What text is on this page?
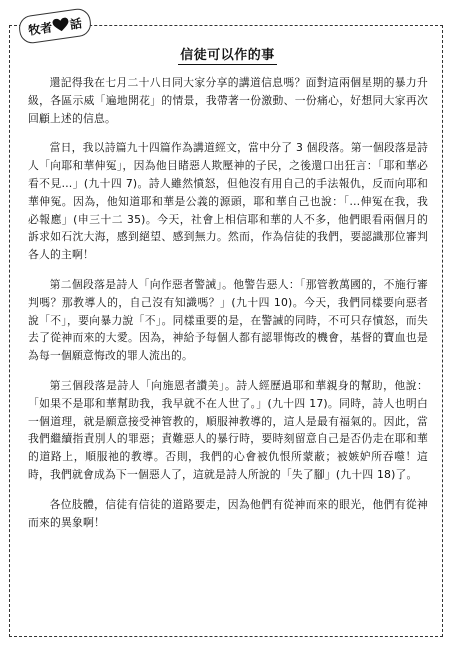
牧者 話
信徒可以作的事

還記得我在七月二十八日同大家分享的講道信息嗎？面對這兩個星期的暴力升級，各區示威「遍地開花」的情景，我帶著一份激動、一份痛心，好想同大家再次回顧上述的信息。

當日，我以詩篇九十四篇作為講道經文，當中分了 3 個段落。第一個段落是詩人「向耶和華伸冤」，因為他目睹惡人欺壓神的子民，之後還口出狂言：「耶和華必看不見…」(九十四 7)。詩人雖然憤怒，但他沒有用自己的手法報仇，反而向耶和華伸冤。因為，他知道耶和華是公義的源頭，耶和華自己也說：「…伸冤在我，我必報應」(申三十二 35)。今天，社會上相信耶和華的人不多，他們眼看兩個月的訴求如石沈大海，感到絕望、感到無力。然而，作為信徒的我們，要認識那位審判各人的主啊！

第二個段落是詩人「向作惡者警誡」。他警告惡人：「那管教萬國的，不施行審判嗎？那教導人的，自己沒有知識嗎？」(九十四 10)。今天，我們同樣要向惡者說「不」，要向暴力說「不」。同樣重要的是，在警誡的同時，不可只存憤怒，而失去了從神而來的大愛。因為，神給予每個人都有認罪悔改的機會，基督的寶血也是為每一個願意悔改的罪人流出的。

第三個段落是詩人「向施恩者讚美」。詩人經歷過耶和華親身的幫助，他說：「如果不是耶和華幫助我，我早就不在人世了。」(九十四 17)。同時，詩人也明白一個道理，就是願意接受神管教的，順服神教導的，這人是最有福氣的。因此，當我們繼續指責別人的罪惡；責難惡人的暴行時，要時刻留意自己是否仍走在耶和華的道路上，順服祂的教導。否則，我們的心會被仇恨所蒙蔽；被嫉妒所吞噬！這時，我們就會成為下一個惡人了，這就是詩人所說的「失了腳」(九十四 18)了。

各位肢體，信徒有信徒的道路要走，因為他們有從神而來的眼光，他們有從神而來的異象啊！
